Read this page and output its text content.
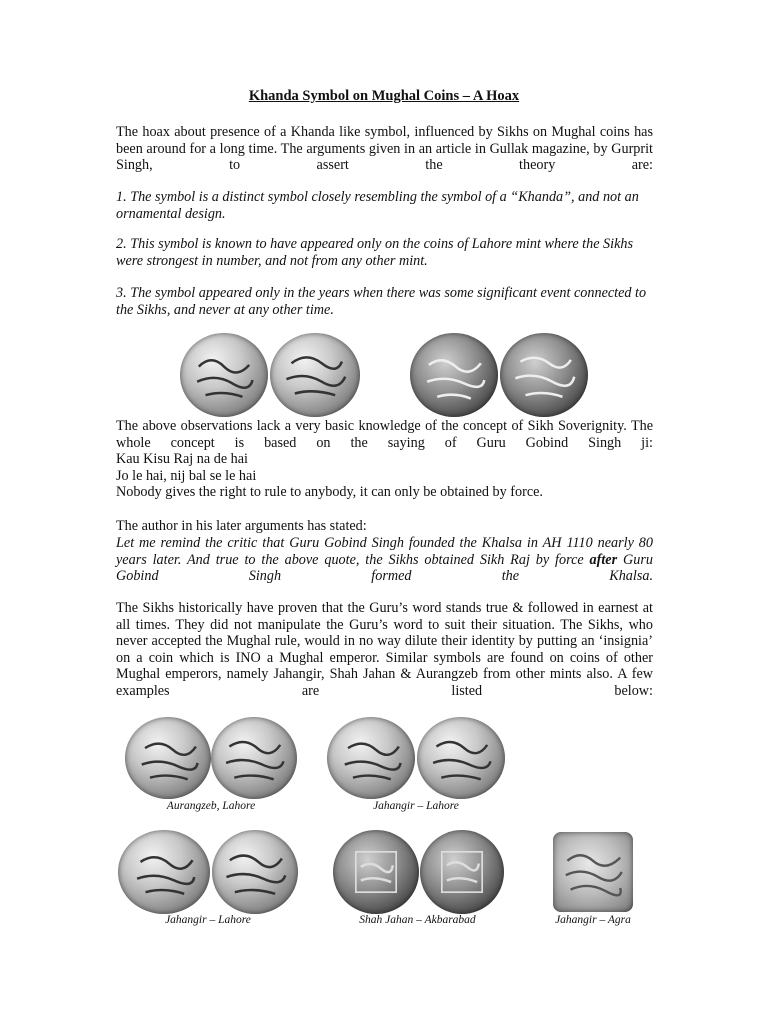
Khanda Symbol on Mughal Coins – A Hoax

The hoax about presence of a Khanda like symbol, influenced by Sikhs on Mughal coins has been around for a long time. The arguments given in an article in Gullak magazine, by Gurprit Singh, to assert the theory are:

1. The symbol is a distinct symbol closely resembling the symbol of a “Khanda”, and not an ornamental design.

2. This symbol is known to have appeared only on the coins of Lahore mint where the Sikhs were strongest in number, and not from any other mint.

3. The symbol appeared only in the years when there was some significant event connected to the Sikhs, and never at any other time.

The above observations lack a very basic knowledge of the concept of Sikh Soverignity. The whole concept is based on the saying of Guru Gobind Singh ji:

Kau Kisu Raj na de hai
Jo le hai, nij bal se le hai
Nobody gives the right to rule to anybody, it can only be obtained by force.

The author in his later arguments has stated:

Let me remind the critic that Guru Gobind Singh founded the Khalsa in AH 1110 nearly 80 years later. And true to the above quote, the Sikhs obtained Sikh Raj by force after Guru Gobind Singh formed the Khalsa.

The Sikhs historically have proven that the Guru’s word stands true & followed in earnest at all times. They did not manipulate the Guru’s word to suit their situation. The Sikhs, who never accepted the Mughal rule, would in no way dilute their identity by putting an ‘insignia’ on a coin which is INO a Mughal emperor. Similar symbols are found on coins of other Mughal emperors, namely Jahangir, Shah Jahan & Aurangzeb from other mints also. A few examples are listed below:

Aurangzeb, Lahore	Jahangir – Lahore
Jahangir – Lahore	Shah Jahan – Akbarabad	Jahangir – Agra
